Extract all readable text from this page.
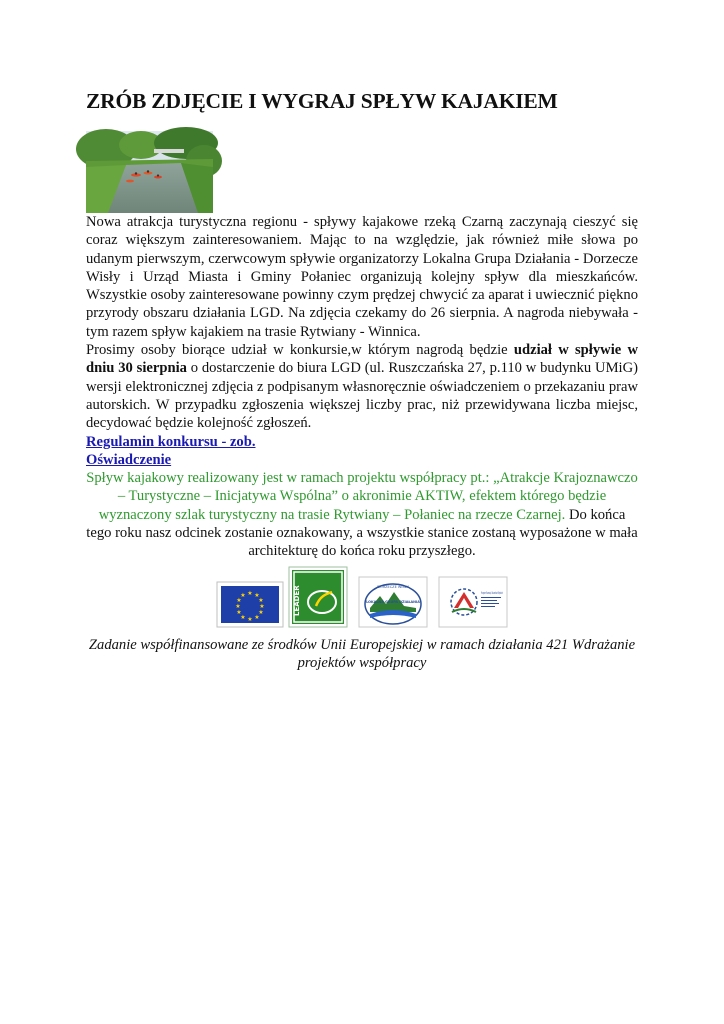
ZRÓB ZDJĘCIE I WYGRAJ SPŁYW KAJAKIEM

Nowa atrakcja turystyczna regionu - spływy kajakowe rzeką Czarną zaczynają cieszyć się coraz większym zainteresowaniem. Mając to na względzie, jak również miłe słowa po udanym pierwszym, czerwcowym spływie organizatorzy Lokalna Grupa Działania - Dorzecze Wisły i Urząd Miasta i Gminy Połaniec organizują kolejny spływ dla mieszkańców. Wszystkie osoby zainteresowane powinny czym prędzej chwycić za aparat i uwiecznić piękno przyrody obszaru działania LGD. Na zdjęcia czekamy do 26 sierpnia. A nagroda niebywała - tym razem spływ kajakiem na trasie Rytwiany - Winnica.

Prosimy osoby biorące udział w konkursie,w którym nagrodą będzie udział w spływie w dniu 30 sierpnia o dostarczenie do biura LGD (ul. Ruszczańska 27, p.110 w budynku UMiG) wersji elektronicznej zdjęcia z podpisanym własnoręcznie oświadczeniem o przekazaniu praw autorskich. W przypadku zgłoszenia większej liczby prac, niż przewidywana liczba miejsc, decydować będzie kolejność zgłoszeń.

Regulamin konkursu - zob.
Oświadczenie

Spływ kajakowy realizowany jest w ramach projektu współpracy pt.: „Atrakcje Krajoznawczo – Turystyczne – Inicjatywa Wspólna” o akronimie AKTIW, efektem którego będzie wyznaczony szlak turystyczny na trasie Rytwiany – Połaniec na rzecze Czarnej. Do końca tego roku nasz odcinek zostanie oznakowany, a wszystkie stanice zostaną wyposażone w mała architekturę do końca roku przyszłego.

★ ★
★
★
★
★
★
★
★
★
★
★	LEADER	DORZECZE WISŁY
LOKALNA GRUPA DZIAŁANIA
Program Rozwoju Obszarów Wiejskich

Zadanie współfinansowane ze środków Unii Europejskiej w ramach działania 421 Wdrażanie projektów współpracy
